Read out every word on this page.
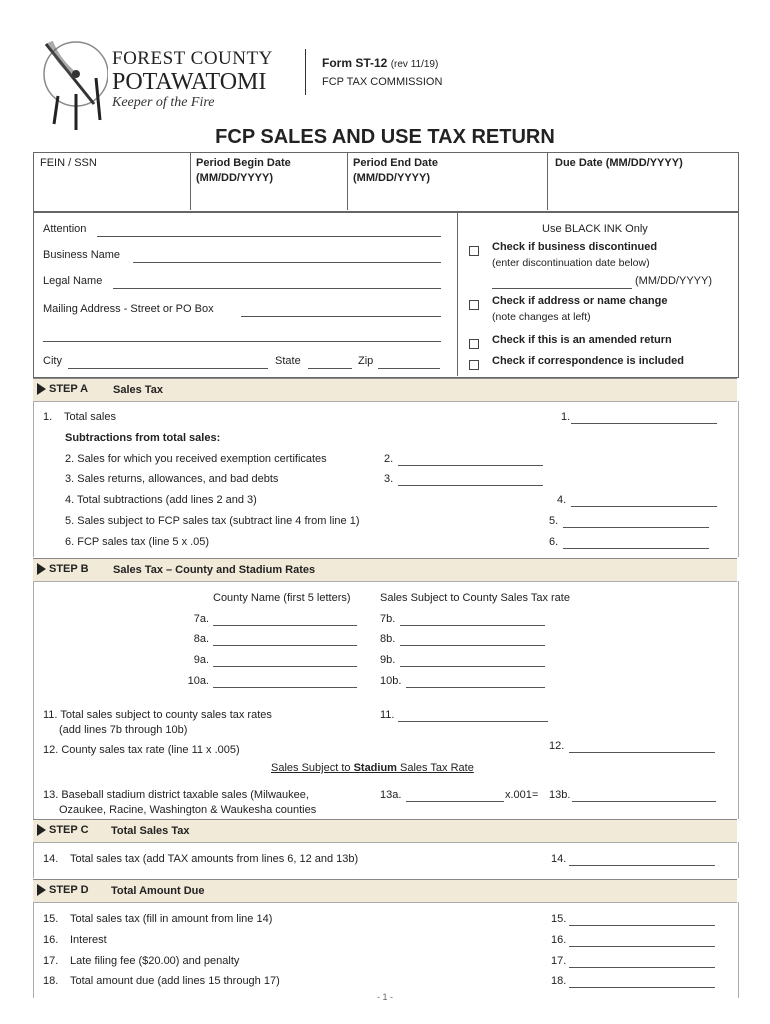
FOREST COUNTY
POTAWATOMI
Keeper of the Fire
Form ST-12 (rev 11/19)
FCP TAX COMMISSION
FCP SALES AND USE TAX RETURN
FEIN / SSN	Period Begin Date
(MM/DD/YYYY)
Period End Date
(MM/DD/YYYY)
Due Date (MM/DD/YYYY)
Attention
Business Name
Legal Name
Mailing Address - Street or PO Box
City	State	Zip
Use BLACK INK Only
Check if business discontinued
(enter discontinuation date below)
(MM/DD/YYYY)
Check if address or name change
(note changes at left)
Check if this is an amended return
Check if correspondence is included
STEP A Sales Tax
1. Total sales	1.
Subtractions from total sales:
2. Sales for which you received exemption certificates	2.
3. Sales returns, allowances, and bad debts	3.
4. Total subtractions (add lines 2 and 3)	4.
5. Sales subject to FCP sales tax (subtract line 4 from line 1)	5.
6. FCP sales tax (line 5 x .05)	6.
STEP B Sales Tax – County and Stadium Rates
County Name (first 5 letters)	Sales Subject to County Sales Tax rate
7a.	7b.
8a.	8b.
9a.	9b.
10a.	10b.
11. Total sales subject to county sales tax rates
(add lines 7b through 10b)
11.
12. County sales tax rate (line 11 x .005)	12.
Sales Subject to Stadium Sales Tax Rate
13. Baseball stadium district taxable sales (Milwaukee,
Ozaukee, Racine, Washington & Waukesha counties
13a.	x.001= 13b.
STEP C Total Sales Tax
14. Total sales tax (add TAX amounts from lines 6, 12 and 13b)	14.
STEP D Total Amount Due
15. Total sales tax (fill in amount from line 14)	15.
16. Interest	16.
17. Late filing fee ($20.00) and penalty	17.
18. Total amount due (add lines 15 through 17)	18.
- 1 -
